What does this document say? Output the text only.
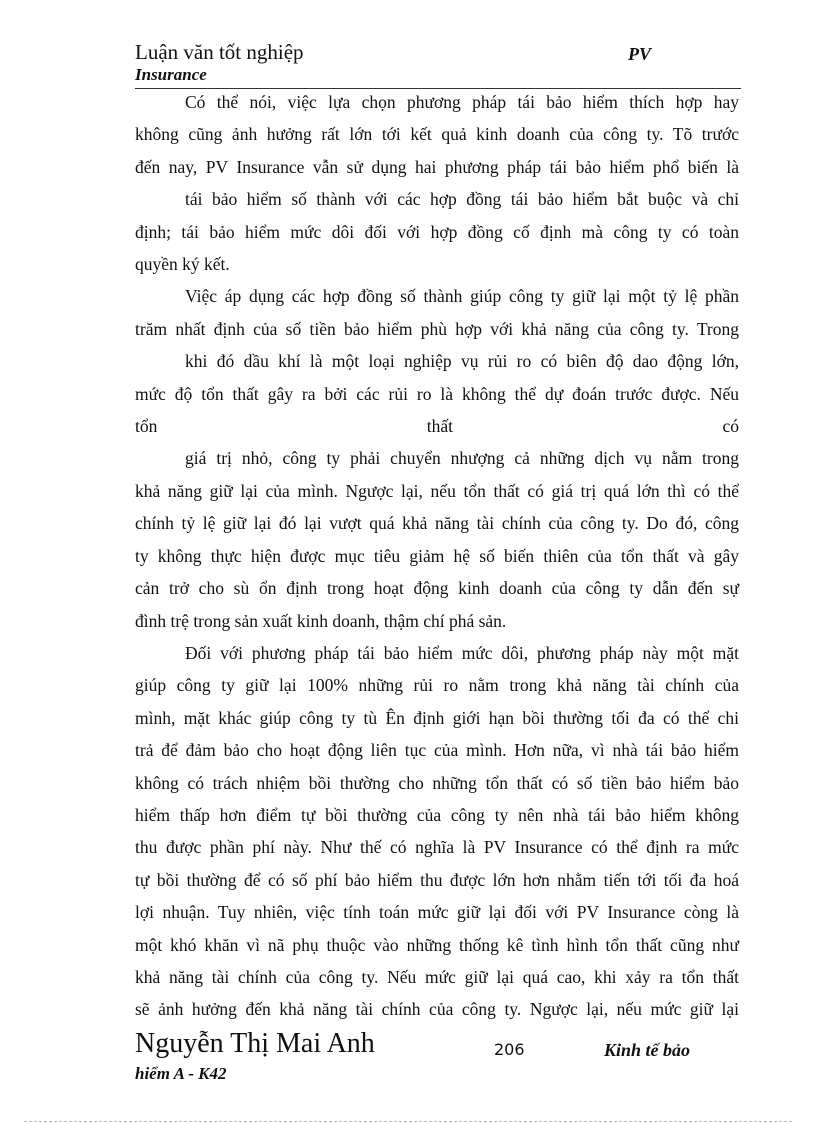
Luận văn tốt nghiệp	PV
Insurance

Có thể nói, việc lựa chọn phương pháp tái bảo hiểm thích hợp hay

không cũng ảnh hưởng rất lớn tới kết quả kinh doanh của công ty. Tõ trước

đến nay, PV Insurance vẫn sử dụng hai phương pháp tái bảo hiểm phổ biến là

tái bảo hiểm số thành với các hợp đồng tái bảo hiểm bắt buộc và chỉ

định; tái bảo hiểm mức dôi đối với hợp đồng cố định mà công ty có toàn

quyền ký kết.

Việc áp dụng các hợp đồng số thành giúp công ty giữ lại một tỷ lệ phần

trăm nhất định của số tiền bảo hiểm phù hợp với khả năng của công ty. Trong

khi đó dầu khí là một loại nghiệp vụ rủi ro có biên độ dao động lớn,

mức độ tổn thất gây ra bởi các rủi ro là không thể dự đoán trước được. Nếu

tổn thất có

giá trị nhỏ, công ty phải chuyển nhượng cả những dịch vụ nằm trong

khả năng giữ lại của mình. Ngược lại, nếu tổn thất có giá trị quá lớn thì có thể

chính tỷ lệ giữ lại đó lại vượt quá khả năng tài chính của công ty. Do đó, công

ty không thực hiện được mục tiêu giảm hệ số biến thiên của tổn thất và gây

cản trở cho sù ổn định trong hoạt động kinh doanh của công ty dẫn đến sự

đình trệ trong sản xuất kinh doanh, thậm chí phá sản.

Đối với phương pháp tái bảo hiểm mức dôi, phương pháp này một mặt

giúp công ty giữ lại 100% những rủi ro nằm trong khả năng tài chính của

mình, mặt khác giúp công ty tù Ên định giới hạn bồi thường tối đa có thể chi

trả để đảm bảo cho hoạt động liên tục của mình. Hơn nữa, vì nhà tái bảo hiểm

không có trách nhiệm bồi thường cho những tổn thất có số tiền bảo hiểm bảo

hiểm thấp hơn điểm tự bồi thường của công ty nên nhà tái bảo hiểm không

thu được phần phí này. Như thế có nghĩa là PV Insurance có thể định ra mức

tự bồi thường để có số phí bảo hiểm thu được lớn hơn nhằm tiến tới tối đa hoá

lợi nhuận. Tuy nhiên, việc tính toán mức giữ lại đối với PV Insurance còng là

một khó khăn vì nã phụ thuộc vào những thống kê tình hình tổn thất cũng như

khả năng tài chính của công ty. Nếu mức giữ lại quá cao, khi xảy ra tổn thất

sẽ ảnh hưởng đến khả năng tài chính của công ty. Ngược lại, nếu mức giữ lại

Nguyễn Thị Mai Anh	206	Kinh tế bảo
hiểm A - K42
